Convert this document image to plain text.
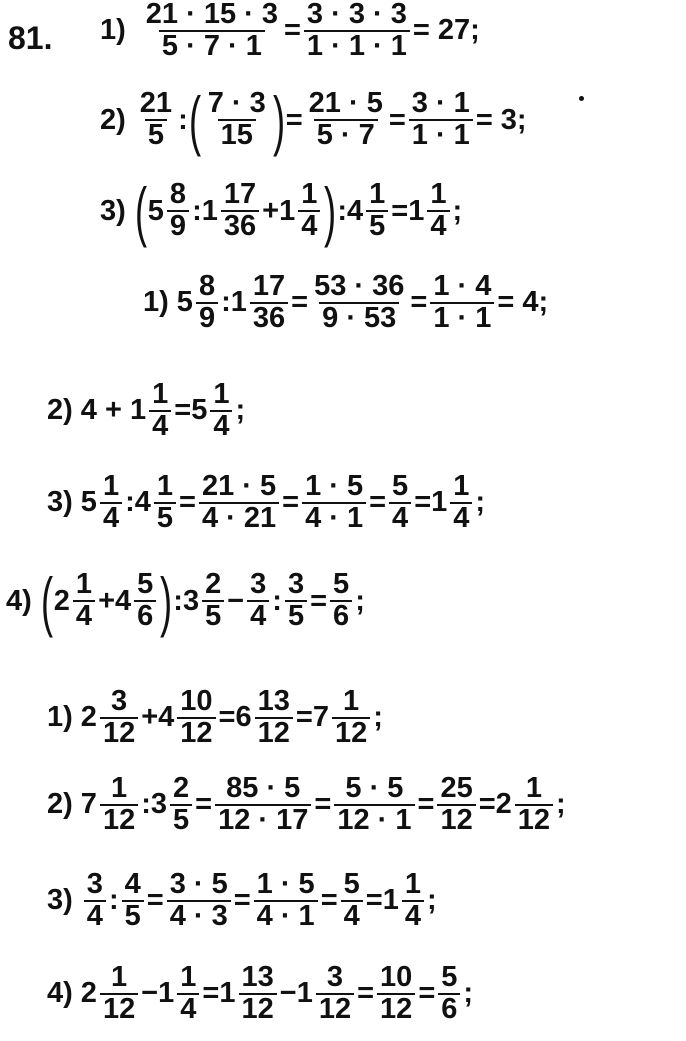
81. $1) \frac{21 \cdot 15 \cdot 3}{5 \cdot 7 \cdot 1} = \frac{3 \cdot 3 \cdot 3}{1 \cdot 1 \cdot 1} = 27$;
$2) \frac{21}{5}$ : ( $\frac{7 \cdot 3}{15}$ ) = $\frac{21 \cdot 5}{5 \cdot 7} = \frac{3 \cdot 1}{1 \cdot 1} = 3$;
3) ( $5 \frac{8}{9}$ : $1 \frac{17}{36} + 1 \frac{1}{4}$ ) : $4 \frac{1}{5} = 1 \frac{1}{4}$ ;
1) $5 \frac{8}{9}$ : $1 \frac{17}{36} = \frac{53 \cdot 36}{9 \cdot 53} = \frac{1 \cdot 4}{1 \cdot 1} = 4$;
2) $4 + 1 \frac{1}{4} = 5 \frac{1}{4}$ ;
3) $5 \frac{1}{4}$ : $4 \frac{1}{5} = \frac{21 \cdot 5}{4 \cdot 21} = \frac{1 \cdot 5}{4 \cdot 1} = \frac{5}{4} = 1 \frac{1}{4}$ ;
4) ( $2 \frac{1}{4} + 4 \frac{5}{6}$ ) : $3 \frac{2}{5} - \frac{3}{4}$ : $\frac{3}{5} = \frac{5}{6}$ ;
1) $2 \frac{3}{12} + 4 \frac{10}{12} = 6 \frac{13}{12} = 7 \frac{1}{12}$ ;
2) $7 \frac{1}{12}$ : $3 \frac{2}{5} = \frac{85 \cdot 5}{12 \cdot 17} = \frac{5 \cdot 5}{12 \cdot 1} = \frac{25}{12} = 2 \frac{1}{12}$ ;
$3) \frac{3}{4}$ : $\frac{4}{5} = \frac{3 \cdot 5}{4 \cdot 3} = \frac{1 \cdot 5}{4 \cdot 1} = \frac{5}{4} = 1 \frac{1}{4}$ ;
4) $2 \frac{1}{12} - 1 \frac{1}{4} = 1 \frac{13}{12} - 1 \frac{3}{12} = \frac{10}{12} = \frac{5}{6}$ ;
